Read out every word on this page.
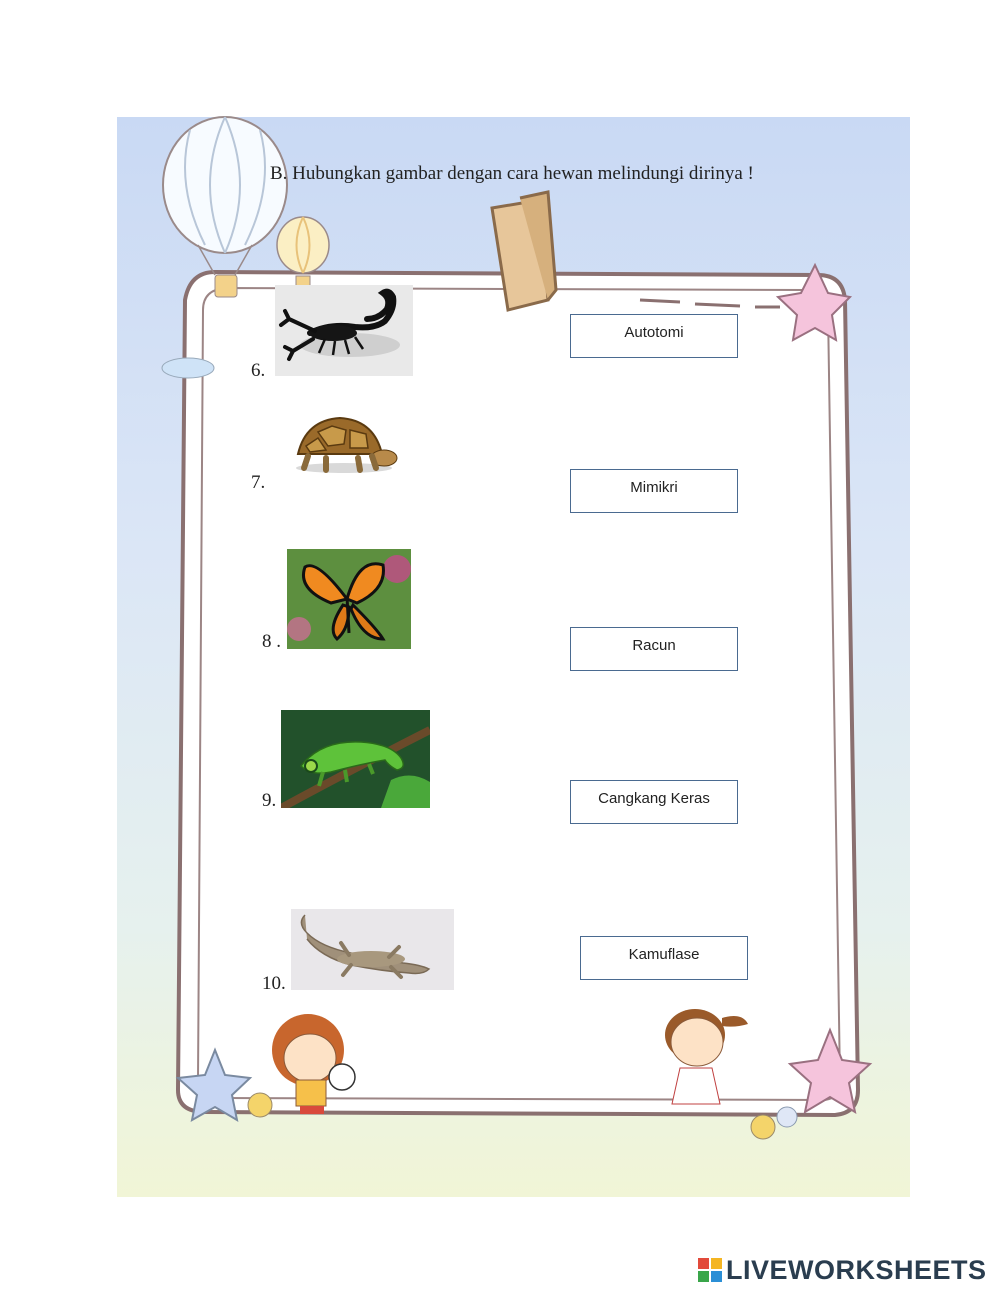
B. Hubungkan gambar dengan cara hewan melindungi dirinya !
6.
Autotomi
7.	Mimikri
8 .	Racun
9.	Cangkang Keras
10.
Kamuflase
LIVEWORKSHEETS
